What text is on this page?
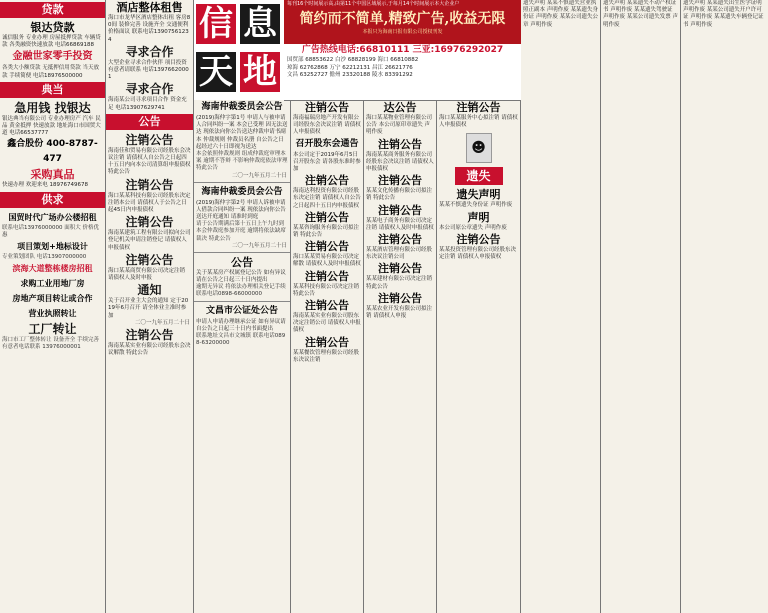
贷款
银达贷款
诚信服务 专业办理 房屋抵押贷款 车辆贷款 各类融资快速放款 电话66869188
金融世家零手投资
各类大小额贷款 无抵押信用贷款 当天放款 手续简便 电话18976500000
典当
急用钱 找银达
银达典当有限公司 专业办理房产 汽车 民品 黄金抵押 快速放款 地址海口市国贸大道 电话66537777
鑫合股份 400-8787-477
采购真品
快速办理 欢迎来电 18976749678
供求
国贸时代广场办公楼招租
联系电话13976000000 面积大 价格优惠
项目策划+地标设计
专业策划团队 电话13907000000
滨海大道整栋楼房招租
求购工业用地厂房
房地产项目转让或合作
营业执照转让
工厂转让
海口市工厂整体转让 设备齐全 手续完善 有意者电话联系 13976000001
酒店整体租售
海口市龙华区酒店整体出租 客房80间 装修完善 设施齐全 交通便利 价格面议 联系电话13907561234
寻求合作
大型企业寻求合作伙伴 项目投资 有意者请联系 电话13976620001
寻求合作
海南某公司寻求项目合作 资金充足 电话13907629741
公告
注销公告
海南佳和贸易有限公司经股东会决议注销 请债权人自公告之日起四十五日内向本公司清算组申报债权 特此公告
注销公告
海口某某科技有限公司经股东决定注销本公司 请债权人于公告之日起45日内申报债权
注销公告
海南某建筑工程有限公司拟向公司登记机关申请注销登记 请债权人申报债权
注销公告
海口某某商贸有限公司决定注销 请债权人及时申报
通知
关于召开业主大会的通知 定于2019年6月召开 请全体业主准时参加
二〇一九年五月二十日
注销公告
海南某某实业有限公司经股东会决议解散 特此公告
信 息
天 地
每刊16个时间展示高,由第11个中国区域展示,于每月14个时间展示本大企业户
简约而不简单,精致广告,收益无限
本报只为海南日报有限公司授权刊发
广告热线电话:66810111 三亚:16976292027
国贸部 68853622 白沙 68828199 海口 66810882
琼海 62762868 万宁 62212131 昌江 26621776
文昌 63252727 儋州 23320188 陵水 83391292
海南仲裁委员会公告
(2019)海仲字第1号 申请人与被申请人合同纠纷一案 本会已受理 因无法送达 现依法向你公告送达仲裁申请书副本 仲裁规则 仲裁员名册 自公告之日起经过六十日即视为送达
本会依照仲裁规则 组成仲裁庭审理本案 逾期不答辩 不影响仲裁庭依法审理 特此公告
二〇一九年五月二十日
海南仲裁委员会公告
(2019)海仲字第2号 申请人诉被申请人借款合同纠纷一案 现依法向你公告送达开庭通知 请准时到庭
请于公告期满后第十五日上午九时到本会仲裁庭参加开庭 逾期将依法缺席裁决 特此公告
二〇一九年五月二十日
公告
关于某某房产权属登记公告 如有异议请在公告之日起三十日内提出
逾期无异议 将依法办理相关登记手续 联系电话0898-66000000
文昌市公证处公告
申请人申请办理继承公证 如有异议请自公告之日起三十日内书面提出
联系地址文昌市文城镇 联系电话0898-63200000
注销公告
海南福瑞房地产开发有限公司经股东会决议注销 请债权人申报债权
召开股东会通告
本公司定于2019年6月5日召开股东会 请各股东准时参加
注销公告
海南达利投资有限公司经股东决定注销 请债权人自公告之日起四十五日内申报债权
注销公告
某某咨询服务有限公司拟注销 特此公告
注销公告
海口某某贸易有限公司决定解散 请债权人及时申报债权
注销公告
某某科技有限公司决定注销 特此公告
注销公告
海南某某实业有限公司股东决定注销公司 请债权人申报债权
注销公告
某某餐饮管理有限公司经股东决议注销
达公告
海口某某物业管理有限公司公告 本公司原印章遗失 声明作废
注销公告
海南某某商务服务有限公司经股东会决议注销 请债权人申报债权
注销公告
某某文化传播有限公司拟注销 特此公告
注销公告
某某电子商务有限公司决定注销 请债权人及时申报债权
注销公告
某某酒店管理有限公司经股东决议注销公司
注销公告
某某建材有限公司决定注销 特此公告
注销公告
某某农业开发有限公司拟注销 请债权人申报
注销公告
海口某某服务中心拟注销 请债权人申报债权
☻
遗失
遗失声明
某某不慎遗失身份证 声明作废
声明
本公司原公章遗失 声明作废
注销公告
某某投资管理有限公司经股东决定注销 请债权人申报债权
遗失声明 某某不慎遗失营业执照正副本 声明作废 某某遗失身份证 声明作废 某某公司遗失公章 声明作废
遗失声明 某某遗失不动产权证书 声明作废 某某遗失驾驶证 声明作废 某某公司遗失发票 声明作废
遗失声明 某某遗失出生医学证明 声明作废 某某公司遗失开户许可证 声明作废 某某遗失车辆登记证书 声明作废
